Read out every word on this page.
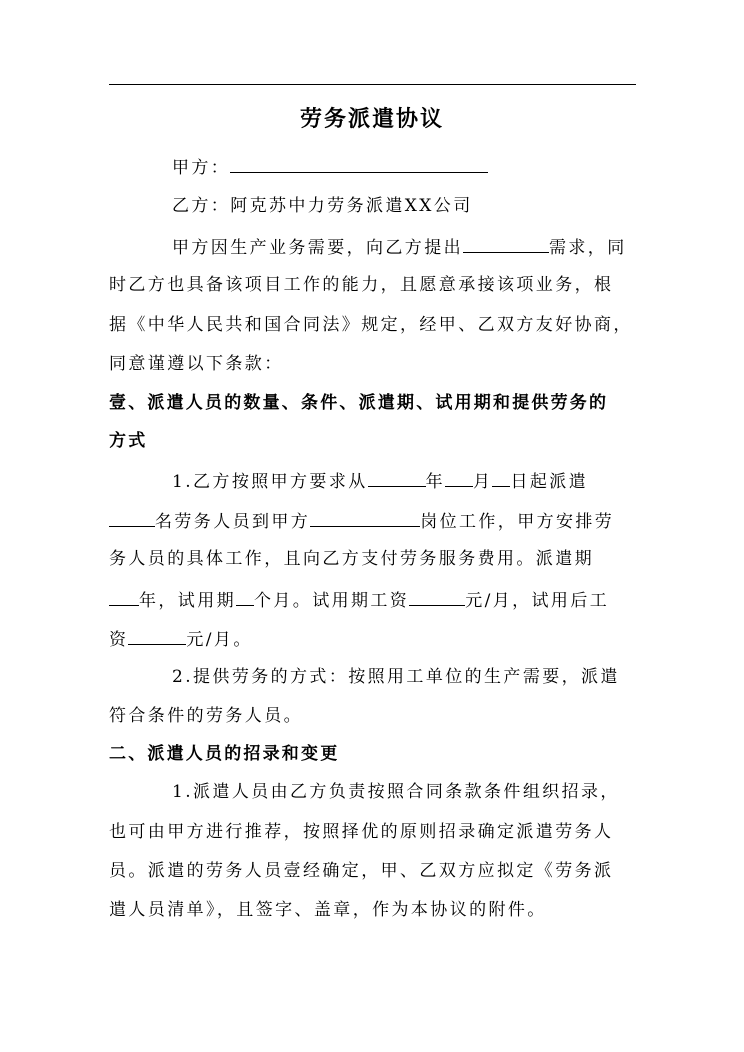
劳务派遣协议
甲方：
乙方：阿克苏中力劳务派遣XX公司
甲方因生产业务需要，向乙方提出	需求，同
时乙方也具备该项目工作的能力，且愿意承接该项业务，根
据《中华人民共和国合同法》规定，经甲、乙双方友好协商，
同意谨遵以下条款：
壹、派遣人员的数量、条件、派遣期、试用期和提供劳务的
方式
1.乙方按照甲方要求从	年 月 日起派遣
名劳务人员到甲方	岗位工作，甲方安排劳
务人员的具体工作，且向乙方支付劳务服务费用。派遣期
年，试用期 个月。试用期工资	元/月，试用后工
资	元/月。
2.提供劳务的方式：按照用工单位的生产需要，派遣
符合条件的劳务人员。
二、派遣人员的招录和变更
1.派遣人员由乙方负责按照合同条款条件组织招录，
也可由甲方进行推荐，按照择优的原则招录确定派遣劳务人
员。派遣的劳务人员壹经确定，甲、乙双方应拟定《劳务派
遣人员清单》，且签字、盖章，作为本协议的附件。
